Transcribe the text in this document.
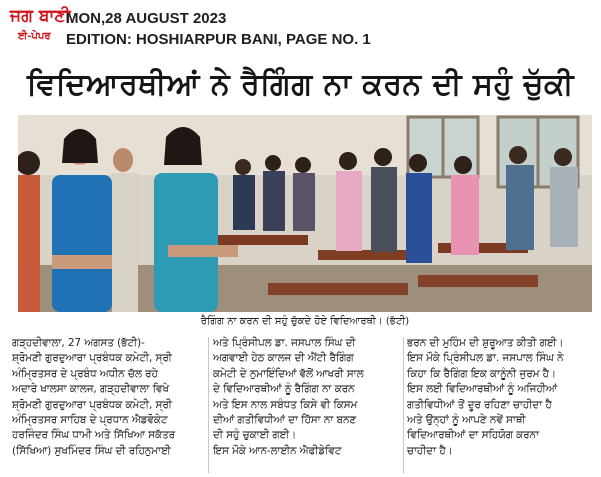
ਜਗ ਬਾਣੀ
ਈ-ਪੇਪਰ
MON,28 AUGUST 2023
EDITION: HOSHIARPUR BANI, PAGE NO. 1
ਵਿਦਿਆਰਥੀਆਂ ਨੇ ਰੈਗਿੰਗ ਨਾ ਕਰਨ ਦੀ ਸਹੁੰ ਚੁੱਕੀ
ਰੈਗਿੰਗ ਨਾ ਕਰਨ ਦੀ ਸਹੁੰ ਚੁੱਕਦੇ ਹੋਏ ਵਿਦਿਆਰਥੀ। (ਭੱਟੀ)

ਗੜ੍ਹਦੀਵਾਲਾ, 27 ਅਗਸਤ (ਭੱਟੀ)-

ਸ਼੍ਰੋਮਣੀ ਗੁਰਦੁਆਰਾ ਪ੍ਰਬੰਧਕ ਕਮੇਟੀ, ਸ੍ਰੀ

ਅੰਮ੍ਰਿਤਸਰ ਦੇ ਪ੍ਰਬੰਧ ਅਧੀਨ ਚੱਲ ਰਹੇ

ਅਦਾਰੇ ਖਾਲਸਾ ਕਾਲਜ, ਗੜ੍ਹਦੀਵਾਲਾ ਵਿਖੇ

ਸ਼੍ਰੋਮਣੀ ਗੁਰਦੁਆਰਾ ਪ੍ਰਬੰਧਕ ਕਮੇਟੀ, ਸ੍ਰੀ

ਅੰਮ੍ਰਿਤਸਰ ਸਾਹਿਬ ਦੇ ਪ੍ਰਧਾਨ ਐਡਵੋਕੇਟ

ਹਰਜਿੰਦਰ ਸਿੰਘ ਧਾਮੀ ਅਤੇ ਸਿੱਖਿਆ ਸਕੱਤਰ

(ਸਿੱਖਿਆ) ਸੁਖਮਿੰਦਰ ਸਿੰਘ ਦੀ ਰਹਿਨੁਮਾਈ

ਅਤੇ ਪ੍ਰਿੰਸੀਪਲ ਡਾ. ਜਸਪਾਲ ਸਿੰਘ ਦੀ

ਅਗਵਾਈ ਹੇਠ ਕਾਲਜ ਦੀ ਐਂਟੀ ਰੈਗਿੰਗ

ਕਮੇਟੀ ਦੇ ਨੁਮਾਇੰਦਿਆਂ ਵੱਲੋਂ ਆਖਰੀ ਸਾਲ

ਦੇ ਵਿਦਿਆਰਥੀਆਂ ਨੂੰ ਰੈਗਿੰਗ ਨਾ ਕਰਨ

ਅਤੇ ਇਸ ਨਾਲ ਸਬੰਧਤ ਕਿਸੇ ਵੀ ਕਿਸਮ

ਦੀਆਂ ਗਤੀਵਿਧੀਆਂ ਦਾ ਹਿੱਸਾ ਨਾ ਬਨਣ

ਦੀ ਸਹੁੰ ਚੁਕਾਈ ਗਈ।

ਇਸ ਮੌਕੇ ਆਨ-ਲਾਈਨ ਐਫੀਡੇਵਿਟ

ਭਰਨ ਦੀ ਮੁਹਿੰਮ ਦੀ ਸ਼ੁਰੂਆਤ ਕੀਤੀ ਗਈ।

ਇਸ ਮੌਕੇ ਪ੍ਰਿੰਸੀਪਲ ਡਾ. ਜਸਪਾਲ ਸਿੰਘ ਨੇ

ਕਿਹਾ ਕਿ ਰੈਗਿੰਗ ਇਕ ਕਾਨੂੰਨੀ ਜੁਰਮ ਹੈ।

ਇਸ ਲਈ ਵਿਦਿਆਰਥੀਆਂ ਨੂੰ ਅਜਿਹੀਆਂ

ਗਤੀਵਿਧੀਆਂ ਤੋਂ ਦੂਰ ਰਹਿਣਾ ਚਾਹੀਦਾ ਹੈ

ਅਤੇ ਉਨ੍ਹਾਂ ਨੂੰ ਆਪਣੇ ਨਵੇਂ ਸਾਥੀ

ਵਿਦਿਆਰਥੀਆਂ ਦਾ ਸਹਿਯੋਗ ਕਰਨਾ

ਚਾਹੀਦਾ ਹੈ।
